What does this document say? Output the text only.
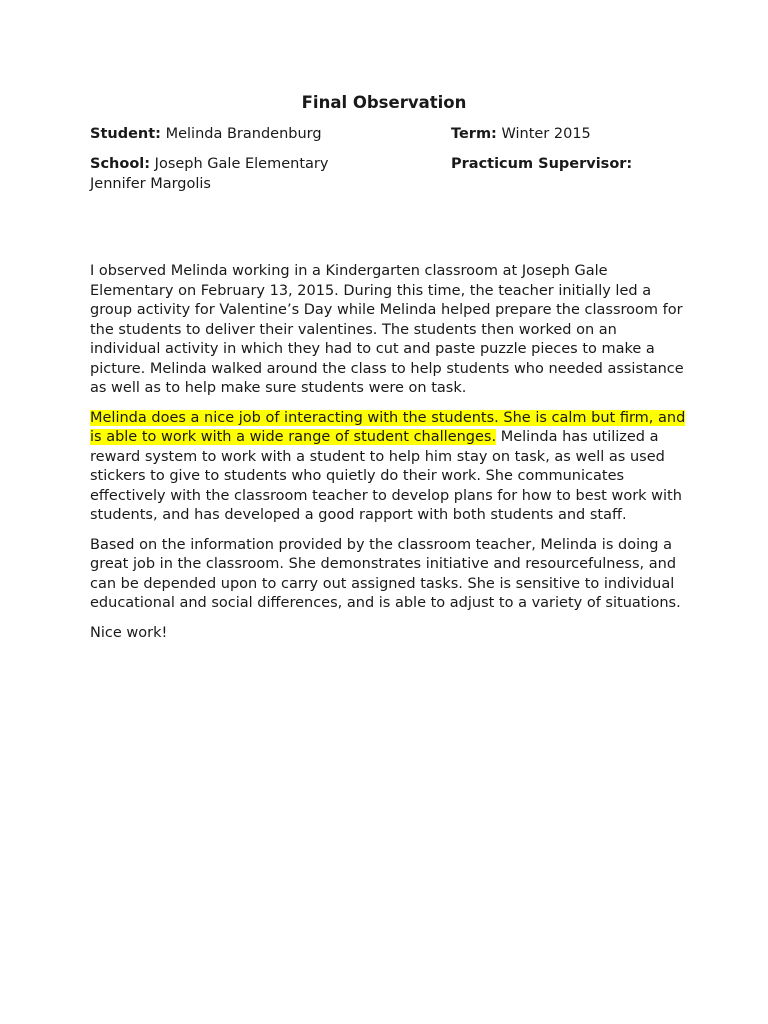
Final Observation
Student: Melinda Brandenburg	Term: Winter 2015
School: Joseph Gale Elementary	Practicum Supervisor:
Jennifer Margolis

I observed Melinda working in a Kindergarten classroom at Joseph Gale Elementary on February 13, 2015. During this time, the teacher initially led a group activity for Valentine’s Day while Melinda helped prepare the classroom for the students to deliver their valentines. The students then worked on an individual activity in which they had to cut and paste puzzle pieces to make a picture. Melinda walked around the class to help students who needed assistance as well as to help make sure students were on task.

Melinda does a nice job of interacting with the students. She is calm but firm, and is able to work with a wide range of student challenges. Melinda has utilized a reward system to work with a student to help him stay on task, as well as used stickers to give to students who quietly do their work. She communicates effectively with the classroom teacher to develop plans for how to best work with students, and has developed a good rapport with both students and staff.

Based on the information provided by the classroom teacher, Melinda is doing a great job in the classroom. She demonstrates initiative and resourcefulness, and can be depended upon to carry out assigned tasks. She is sensitive to individual educational and social differences, and is able to adjust to a variety of situations.

Nice work!
